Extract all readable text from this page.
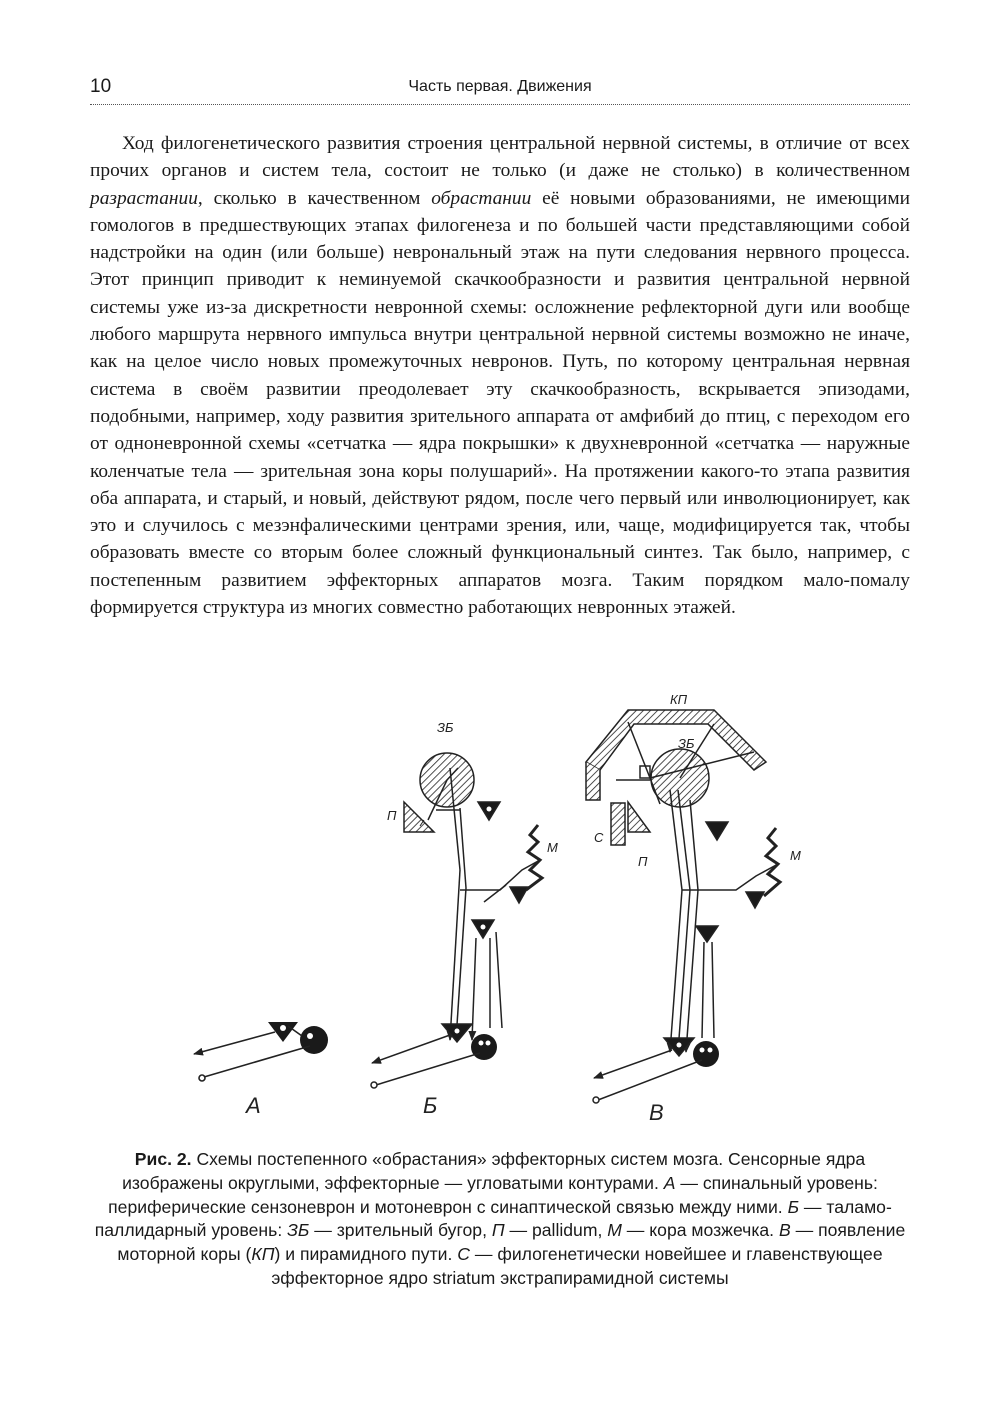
10	Часть первая. Движения

Ход филогенетического развития строения центральной нервной системы, в отличие от всех прочих органов и систем тела, состоит не только (и даже не столько) в количественном разрастании, сколько в качественном обрастании её новыми образованиями, не имеющими гомологов в предшествующих этапах филогенеза и по большей части представляющими собой надстройки на один (или больше) неврональный этаж на пути следования нервного процесса. Этот принцип приводит к неминуемой скачкообразности и развития центральной нервной системы уже из-за дискретности невронной схемы: осложнение рефлекторной дуги или вообще любого маршрута нервного импульса внутри центральной нервной системы возможно не иначе, как на целое число новых промежуточных невронов. Путь, по которому центральная нервная система в своём развитии преодолевает эту скачкообразность, вскрывается эпизодами, подобными, например, ходу развития зрительного аппарата от амфибий до птиц, с переходом его от одноневронной схемы «сетчатка — ядра покрышки» к двухневронной «сетчатка — наружные коленчатые тела — зрительная зона коры полушарий». На протяжении какого-то этапа развития оба аппарата, и старый, и новый, действуют рядом, после чего первый или инволюционирует, как это и случилось с мезэнфалическими центрами зрения, или, чаще, модифицируется так, чтобы образовать вместе со вторым более сложный функциональный синтез. Так было, например, с постепенным развитием эффекторных аппаратов мозга. Таким порядком мало-помалу формируется структура из многих совместно работающих невронных этажей.

А
ЗБ
П
М
Б
КП
ЗБ
С
П	М
В

Рис. 2. Схемы постепенного «обрастания» эффекторных систем мозга. Сенсорные ядра изображены округлыми, эффекторные — угловатыми контурами. А — спинальный уровень: периферические сензоневрон и мотоневрон с синаптической связью между ними. Б — таламо-паллидарный уровень: ЗБ — зрительный бугор, П — pallidum, М — кора мозжечка. В — появление моторной коры (КП) и пирамидного пути. С — филогенетически новейшее и главенствующее эффекторное ядро striatum экстрапирамидной системы
